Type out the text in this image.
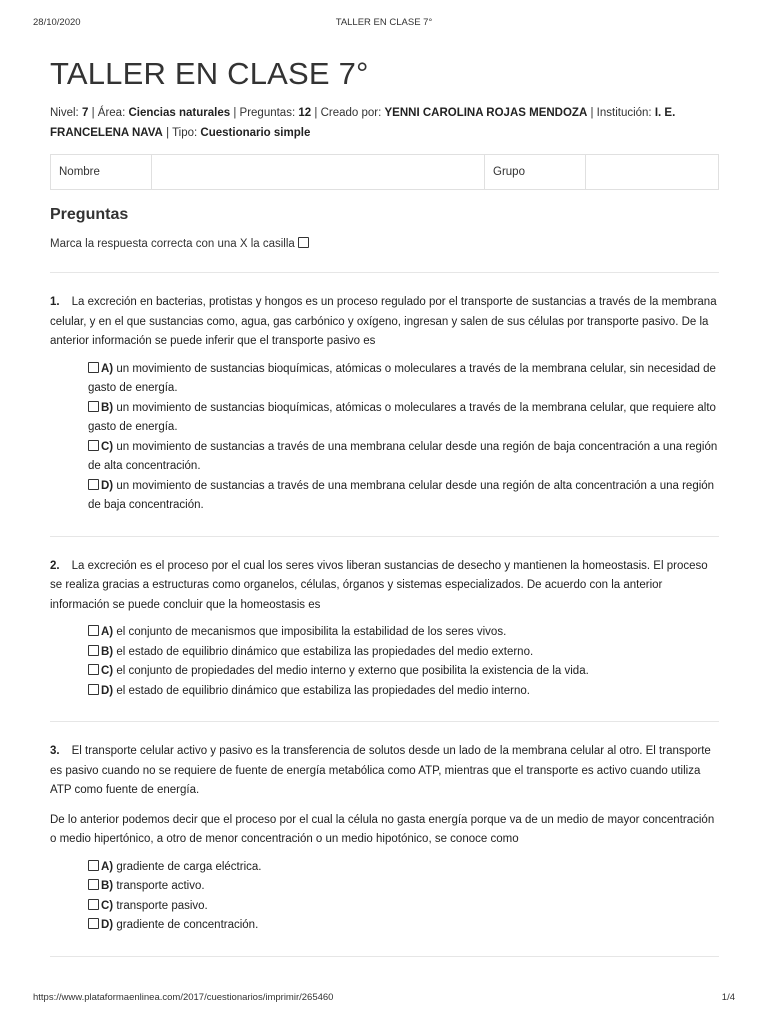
28/10/2020	TALLER EN CLASE 7°
TALLER EN CLASE 7°
Nivel: 7 | Área: Ciencias naturales | Preguntas: 12 | Creado por: YENNI CAROLINA ROJAS MENDOZA | Institución: I. E. FRANCELENA NAVA | Tipo: Cuestionario simple
Nombre		Grupo	
Preguntas
Marca la respuesta correcta con una X la casilla

1. La excreción en bacterias, protistas y hongos es un proceso regulado por el transporte de sustancias a través de la membrana celular, y en el que sustancias como, agua, gas carbónico y oxígeno, ingresan y salen de sus células por transporte pasivo. De la anterior información se puede inferir que el transporte pasivo es

A) un movimiento de sustancias bioquímicas, atómicas o moleculares a través de la membrana celular, sin necesidad de gasto de energía.
B) un movimiento de sustancias bioquímicas, atómicas o moleculares a través de la membrana celular, que requiere alto gasto de energía.
C) un movimiento de sustancias a través de una membrana celular desde una región de baja concentración a una región de alta concentración.
D) un movimiento de sustancias a través de una membrana celular desde una región de alta concentración a una región de baja concentración.

2. La excreción es el proceso por el cual los seres vivos liberan sustancias de desecho y mantienen la homeostasis. El proceso se realiza gracias a estructuras como organelos, células, órganos y sistemas especializados. De acuerdo con la anterior información se puede concluir que la homeostasis es

A) el conjunto de mecanismos que imposibilita la estabilidad de los seres vivos.
B) el estado de equilibrio dinámico que estabiliza las propiedades del medio externo.
C) el conjunto de propiedades del medio interno y externo que posibilita la existencia de la vida.
D) el estado de equilibrio dinámico que estabiliza las propiedades del medio interno.

3. El transporte celular activo y pasivo es la transferencia de solutos desde un lado de la membrana celular al otro. El transporte es pasivo cuando no se requiere de fuente de energía metabólica como ATP, mientras que el transporte es activo cuando utiliza ATP como fuente de energía.

De lo anterior podemos decir que el proceso por el cual la célula no gasta energía porque va de un medio de mayor concentración o medio hipertónico, a otro de menor concentración o un medio hipotónico, se conoce como

A) gradiente de carga eléctrica.
B) transporte activo.
C) transporte pasivo.
D) gradiente de concentración.
https://www.plataformaenlinea.com/2017/cuestionarios/imprimir/265460	1/4
